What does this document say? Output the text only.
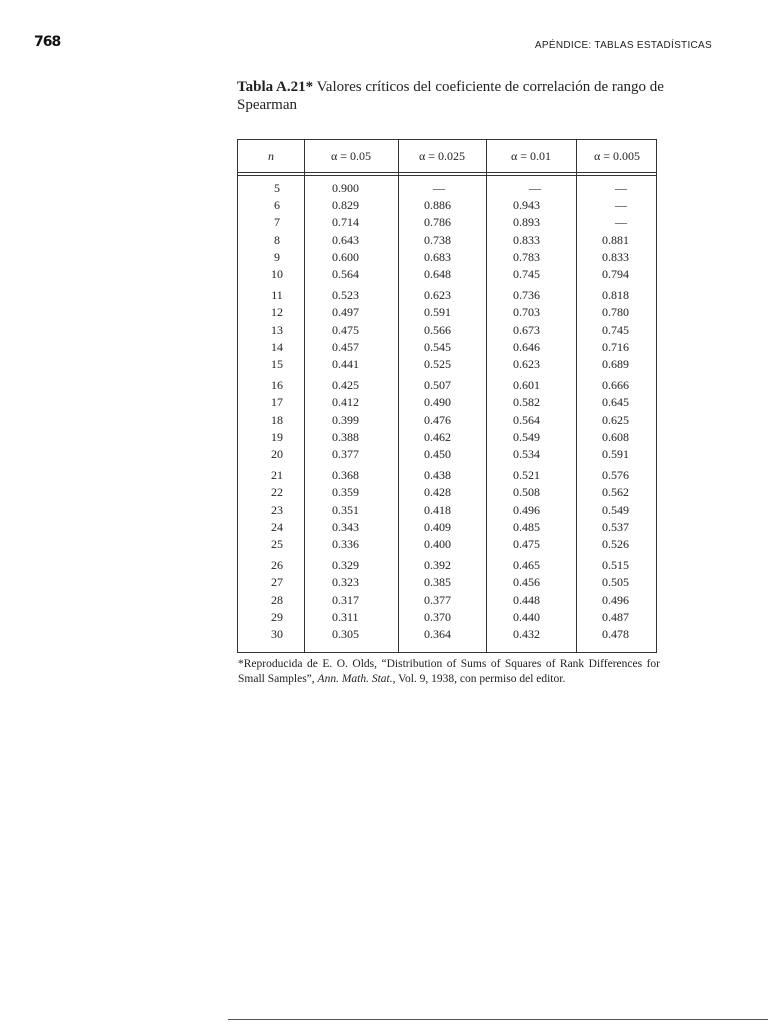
768	APÉNDICE: TABLAS ESTADÍSTICAS
Tabla A.21* Valores críticos del coeficiente de correlación de rango de Spearman
n	α = 0.05	α = 0.025	α = 0.01	α = 0.005
5	0.900	—	—	—
6	0.829	0.886	0.943	—
7	0.714	0.786	0.893	—
8	0.643	0.738	0.833	0.881
9	0.600	0.683	0.783	0.833
10	0.564	0.648	0.745	0.794
11	0.523	0.623	0.736	0.818
12	0.497	0.591	0.703	0.780
13	0.475	0.566	0.673	0.745
14	0.457	0.545	0.646	0.716
15	0.441	0.525	0.623	0.689
16	0.425	0.507	0.601	0.666
17	0.412	0.490	0.582	0.645
18	0.399	0.476	0.564	0.625
19	0.388	0.462	0.549	0.608
20	0.377	0.450	0.534	0.591
21	0.368	0.438	0.521	0.576
22	0.359	0.428	0.508	0.562
23	0.351	0.418	0.496	0.549
24	0.343	0.409	0.485	0.537
25	0.336	0.400	0.475	0.526
26	0.329	0.392	0.465	0.515
27	0.323	0.385	0.456	0.505
28	0.317	0.377	0.448	0.496
29	0.311	0.370	0.440	0.487
30	0.305	0.364	0.432	0.478
*Reproducida de E. O. Olds, “Distribution of Sums of Squares of Rank Differences for Small Samples”, Ann. Math. Stat., Vol. 9, 1938, con permiso del editor.
